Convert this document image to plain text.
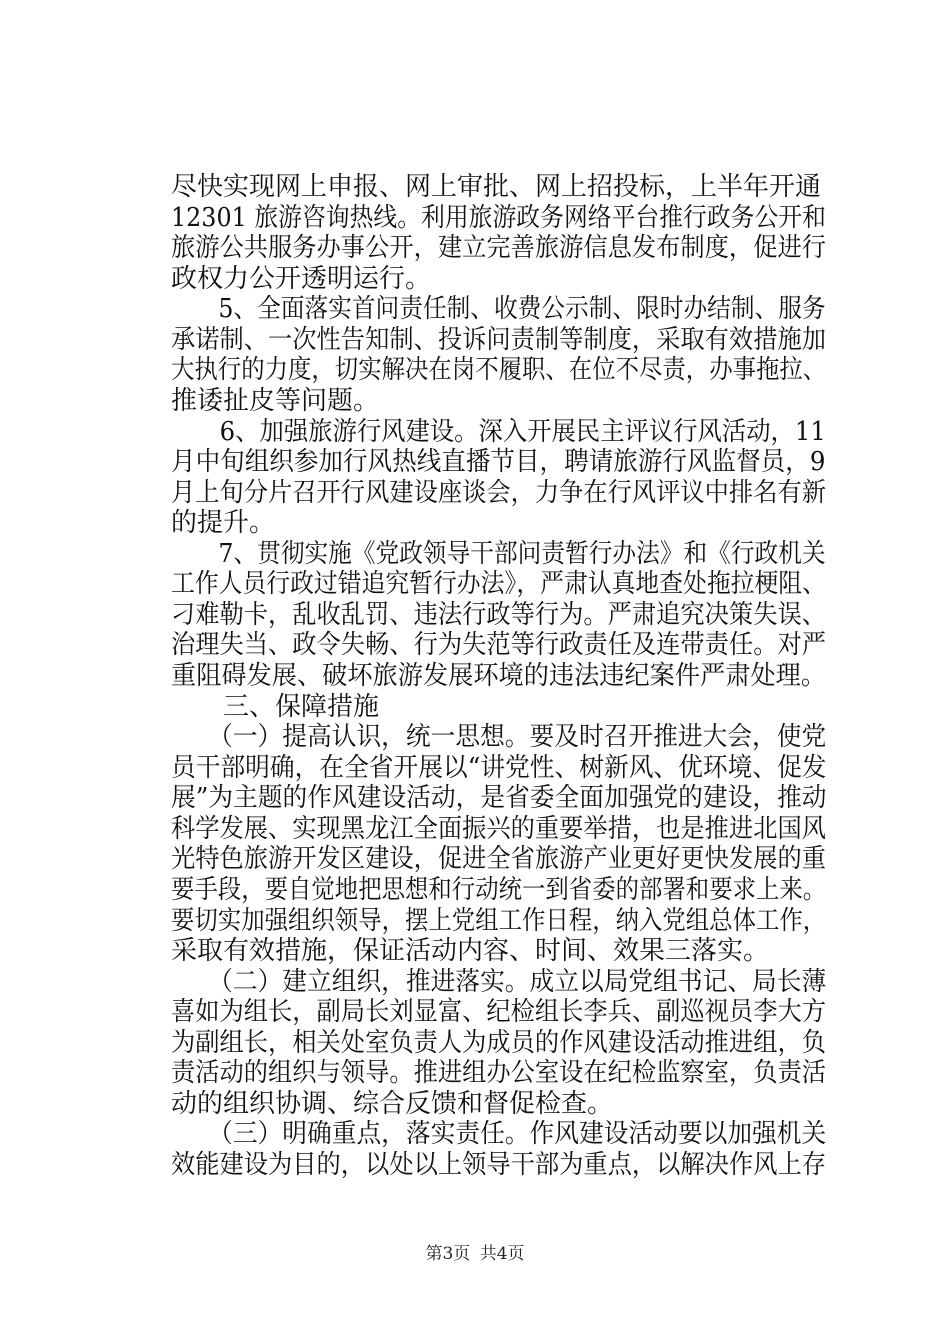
尽快实现网上申报、网上审批、网上招投标，上半年开通
12301 旅游咨询热线。利用旅游政务网络平台推行政务公开和
旅游公共服务办事公开，建立完善旅游信息发布制度，促进行
政权力公开透明运行。
　　5、全面落实首问责任制、收费公示制、限时办结制、服务
承诺制、一次性告知制、投诉问责制等制度，采取有效措施加
大执行的力度，切实解决在岗不履职、在位不尽责，办事拖拉、
推诿扯皮等问题。
　　6、加强旅游行风建设。深入开展民主评议行风活动，11
月中旬组织参加行风热线直播节目，聘请旅游行风监督员，9
月上旬分片召开行风建设座谈会，力争在行风评议中排名有新
的提升。
　　7、贯彻实施《党政领导干部问责暂行办法》和《行政机关
工作人员行政过错追究暂行办法》，严肃认真地查处拖拉梗阻、
刁难勒卡，乱收乱罚、违法行政等行为。严肃追究决策失误、
治理失当、政令失畅、行为失范等行政责任及连带责任。对严
重阻碍发展、破坏旅游发展环境的违法违纪案件严肃处理。
　　三、保障措施
　　（一）提高认识，统一思想。要及时召开推进大会，使党
员干部明确，在全省开展以“讲党性、树新风、优环境、促发
展”为主题的作风建设活动，是省委全面加强党的建设，推动
科学发展、实现黑龙江全面振兴的重要举措，也是推进北国风
光特色旅游开发区建设，促进全省旅游产业更好更快发展的重
要手段，要自觉地把思想和行动统一到省委的部署和要求上来。
要切实加强组织领导，摆上党组工作日程，纳入党组总体工作，
采取有效措施，保证活动内容、时间、效果三落实。
　　（二）建立组织，推进落实。成立以局党组书记、局长薄
喜如为组长，副局长刘显富、纪检组长李兵、副巡视员李大方
为副组长，相关处室负责人为成员的作风建设活动推进组，负
责活动的组织与领导。推进组办公室设在纪检监察室，负责活
动的组织协调、综合反馈和督促检查。
　　（三）明确重点，落实责任。作风建设活动要以加强机关
效能建设为目的，以处以上领导干部为重点，以解决作风上存
第3页 共4页
